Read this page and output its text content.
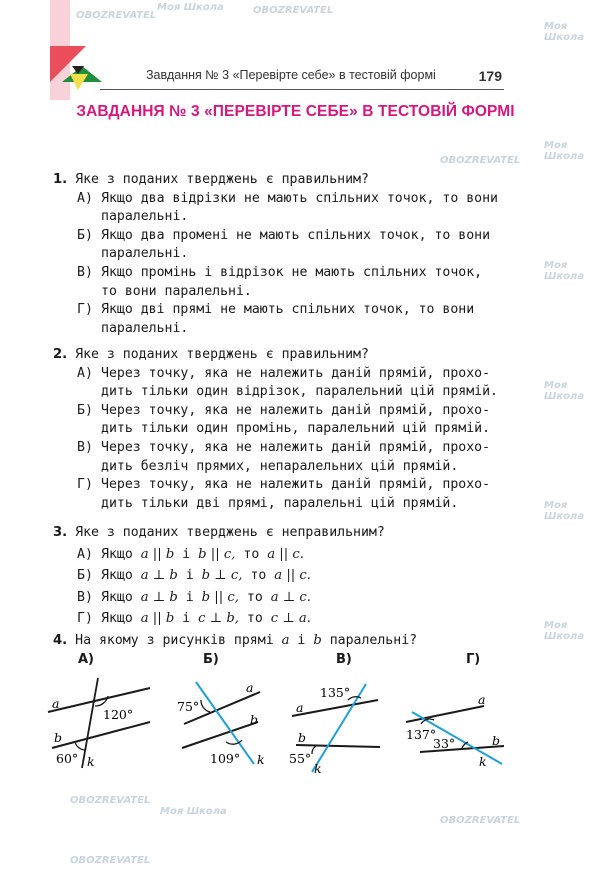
Завдання № 3 «Перевірте себе» в тестовій формі	179
ЗАВДАННЯ № 3 «ПЕРЕВІРТЕ СЕБЕ» В ТЕСТОВІЙ ФОРМІ
Моя Школа
OBOZREVATEL	OBOZREVATEL
Моя Школа
Моя Школа
OBOZREVATEL
Моя Школа
Моя Школа
Моя Школа
Моя Школа
OBOZREVATEL
Моя Школа
OBOZREVATEL
OBOZREVATEL
1. Яке з поданих тверджень є правильним?
А) Якщо два відрізки не мають спільних точок, то вони
паралельні.
Б) Якщо два промені не мають спільних точок, то вони
паралельні.
В) Якщо промінь і відрізок не мають спільних точок,
то вони паралельні.
Г) Якщо дві прямі не мають спільних точок, то вони
паралельні.
2. Яке з поданих тверджень є правильним?
А) Через точку, яка не належить даній прямій, прохо-
дить тільки один відрізок, паралельний цій прямій.
Б) Через точку, яка не належить даній прямій, прохо-
дить тільки один промінь, паралельний цій прямій.
В) Через точку, яка не належить даній прямій, прохо-
дить безліч прямих, непаралельних цій прямій.
Г) Через точку, яка не належить даній прямій, прохо-
дить тільки дві прямі, паралельні цій прямій.
3. Яке з поданих тверджень є неправильним?
А) Якщо a || b і b || c, то a || c.
Б) Якщо a ⊥ b і b ⊥ c, то a || c.
В) Якщо a ⊥ b і b || c, то a ⊥ c.
Г) Якщо a || b і c ⊥ b, то c ⊥ a.
4. На якому з рисунків прямі a і b паралельні?
А)	Б)	В)	Г)
a
b
k
120°
60°
a
b
k
75°
109°
a
b
k
135°
55°
a
b
k
137°
33°
